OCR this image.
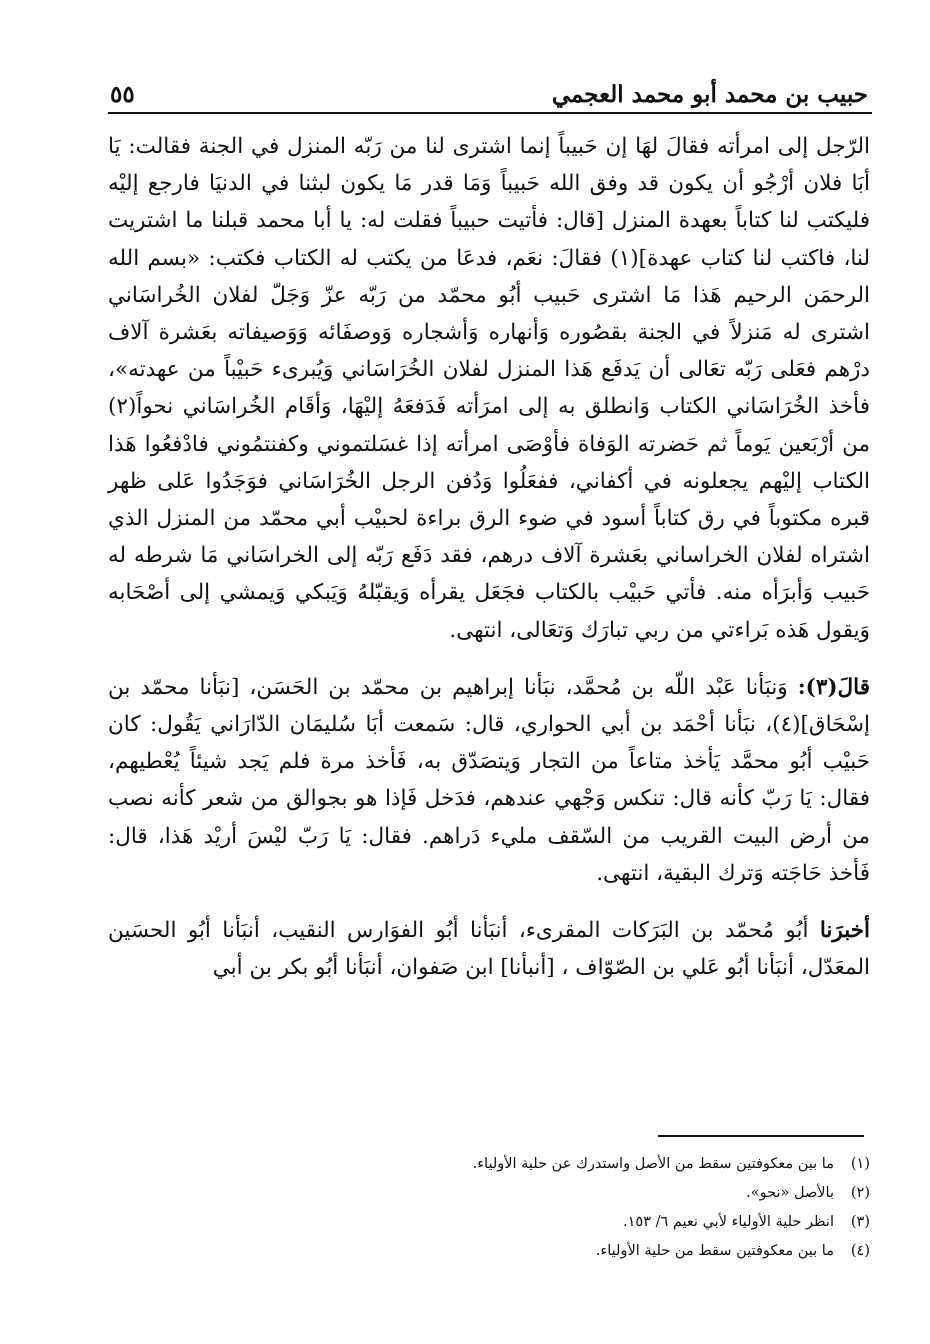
حبيب بن محمد أبو محمد العجمي
٥٥

الرّجل إلى امرأته فقالَ لهَا إن حَبيباً إنما اشترى لنا من رَبّه المنزل في الجنة فقالت: يَا أبَا فلان أرْجُو أن يكون قد وفق الله حَبيباً وَمَا قدر مَا يكون لبثنا في الدنيَا فارجع إليْه فليكتب لنا كتاباً بعهدة المنزل [قال: فأتيت حبيباً فقلت له: يا أبا محمد قبلنا ما اشتريت لنا، فاكتب لنا كتاب عهدة](١) فقالَ: نعَم، فدعَا من يكتب له الكتاب فكتب: «بسم الله الرحمَن الرحيم هَذا مَا اشترى حَبيب أبُو محمّد من رَبّه عزّ وَجَلّ لفلان الخُراسَاني اشترى له مَنزلاً في الجنة بقصُوره وَأنهاره وَأشجاره وَوصفَائه وَوَصيفاته بعَشرة آلاف درْهم فعَلى رَبّه تعَالى أن يَدفَع هَذا المنزل لفلان الخُرَاسَاني وَيُبرىء حَبيْباً من عهدته»، فأخذ الخُرَاسَاني الكتاب وَانطلق به إلى امرَأته فَدَفعَهُ إليْهَا، وَأقَام الخُراسَاني نحواً(٢) من أرْبَعين يَوماً ثم حَضرته الوَفاة فأوْصَى امرأته إذا غسَلتموني وكفنتمُوني فادْفعُوا هَذا الكتاب إليْهم يجعلونه في أكفاني، ففعَلُوا وَدُفن الرجل الخُرَاسَاني فوَجَدُوا عَلى ظهر قبره مكتوباً في رق كتاباً أسود في ضوء الرق براءة لحبيْب أبي محمّد من المنزل الذي اشتراه لفلان الخراساني بعَشرة آلاف درهم، فقد دَفَع رَبّه إلى الخراسَاني مَا شرطه له حَبيب وَأبرَأه منه. فأتي حَبيْب بالكتاب فجَعَل يقرأه وَيقبّلهُ وَيَبكي وَيمشي إلى أصْحَابه وَيقول هَذه بَراءتي من ربي تبارَك وَتعَالى، انتهى.

قالَ(٣): وَنبَأنا عَبْد اللّه بن مُحمَّد، نبَأنا إبراهيم بن محمّد بن الحَسَن، [نبَأنا محمّد بن إسْحَاق](٤)، نبَأنا أحْمَد بن أبي الحواري، قال: سَمعت أبَا سُليمَان الدّارَاني يَقُول: كان حَبيْب أبُو محمَّد يَأخذ متاعاً من التجار وَيتصَدّق به، فَأخذ مرة فلم يَجد شيئاً يُعْطيهم، فقال: يَا رَبّ كأنه قال: تنكس وَجْهي عندهم، فدَخل فَإذا هو بجوالق من شعر كأنه نصب من أرض البيت القريب من السّقف مليء دَراهم. فقال: يَا رَبّ ليْسَ أريْد هَذا، قال: فَأخذ حَاجَته وَترك البقية، انتهى.

أخبرَنا أبُو مُحمّد بن البَرَكات المقرىء، أنبَأنا أبُو الفوَارس النقيب، أنبَأنا أبُو الحسَين المعَدّل، أنبَأنا أبُو عَلي بن الصّوّاف ، [أنبأنا] ابن صَفوان، أنبَأنا أبُو بكر بن أبي

(١)
ما بين معكوفتين سقط من الأصل واستدرك عن حلية الأولياء.
(٢)
بالأصل «نحو».
(٣)
انظر حلية الأولياء لأبي نعيم ٦/ ١٥٣.
(٤)
ما بين معكوفتين سقط من حلية الأولياء.
